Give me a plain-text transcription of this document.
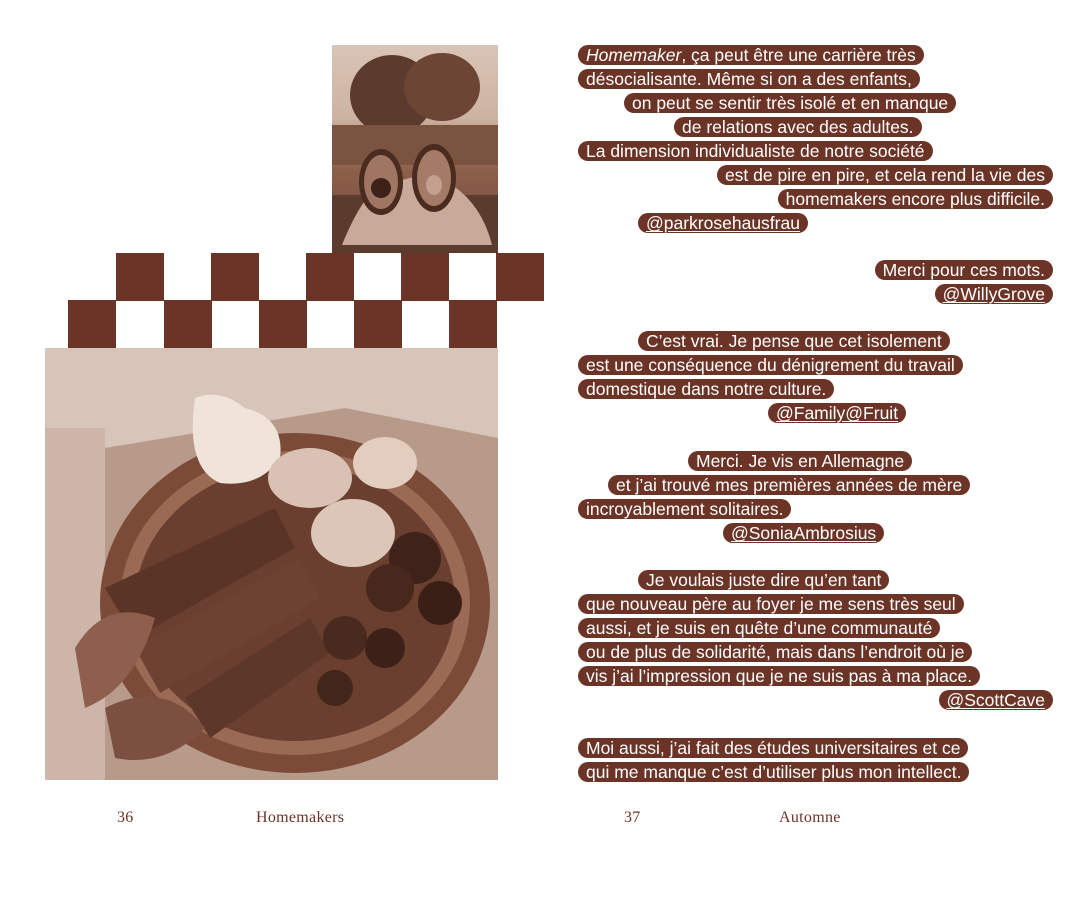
Homemaker, ça peut être une carrière très
désocialisante. Même si on a des enfants,
on peut se sentir très isolé et en manque
de relations avec des adultes.
La dimension individualiste de notre société
est de pire en pire, et cela rend la vie des
homemakers encore plus difficile.
@parkrosehausfrau
Merci pour ces mots.
@WillyGrove
C’est vrai. Je pense que cet isolement
est une conséquence du dénigrement du travail
domestique dans notre culture.
@Family@Fruit
Merci. Je vis en Allemagne
et j’ai trouvé mes premières années de mère
incroyablement solitaires.
@SoniaAmbrosius
Je voulais juste dire qu’en tant
que nouveau père au foyer je me sens très seul
aussi, et je suis en quête d’une communauté
ou de plus de solidarité, mais dans l’endroit où je
vis j’ai l’impression que je ne suis pas à ma place.
@ScottCave
Moi aussi, j’ai fait des études universitaires et ce
qui me manque c’est d’utiliser plus mon intellect.
36	Homemakers	37	Automne
